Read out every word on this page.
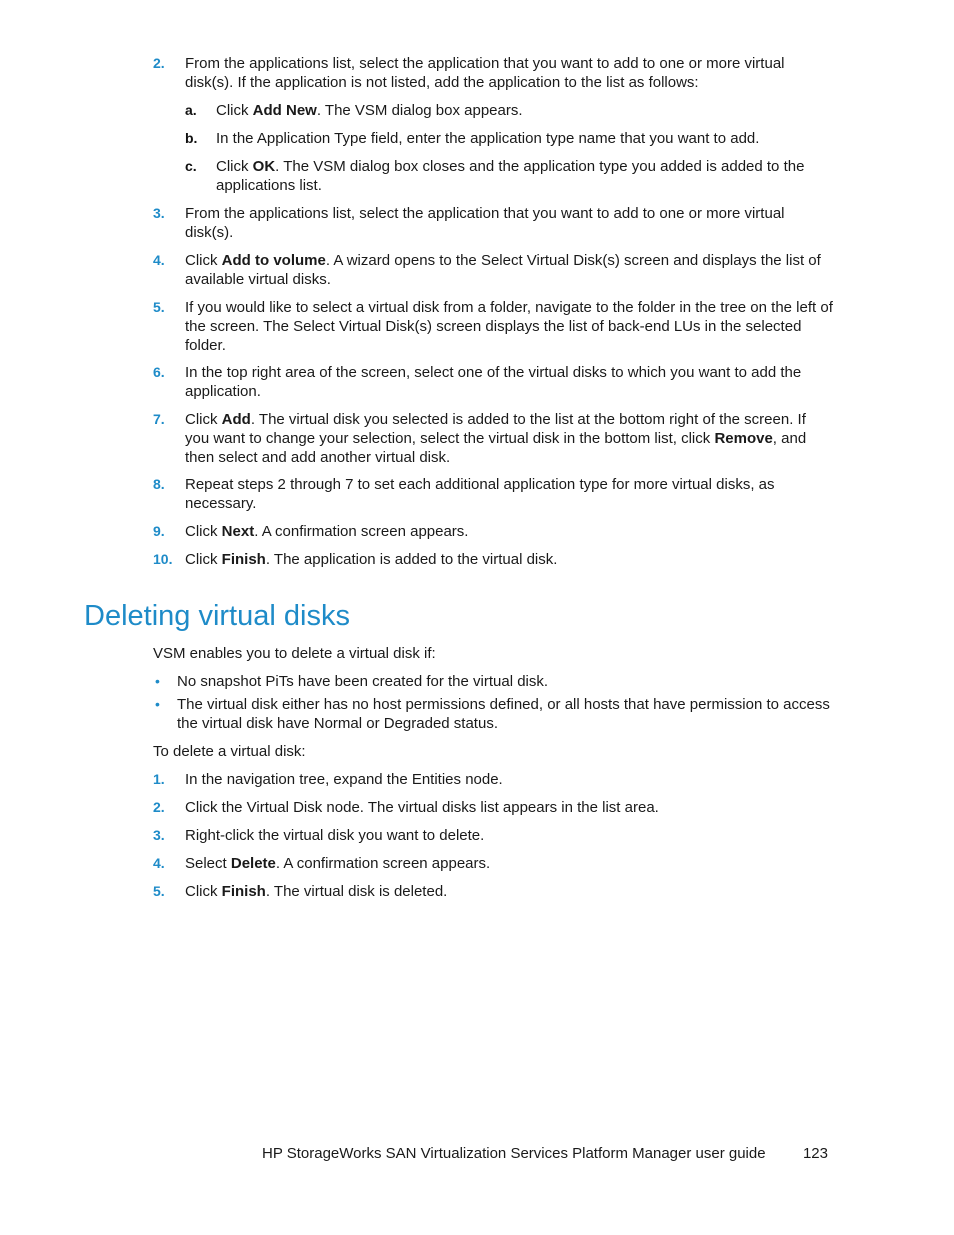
2. From the applications list, select the application that you want to add to one or more virtual disk(s). If the application is not listed, add the application to the list as follows:
a. Click Add New. The VSM dialog box appears.
b. In the Application Type field, enter the application type name that you want to add.
c. Click OK. The VSM dialog box closes and the application type you added is added to the applications list.
3. From the applications list, select the application that you want to add to one or more virtual disk(s).
4. Click Add to volume. A wizard opens to the Select Virtual Disk(s) screen and displays the list of available virtual disks.
5. If you would like to select a virtual disk from a folder, navigate to the folder in the tree on the left of the screen. The Select Virtual Disk(s) screen displays the list of back-end LUs in the selected folder.
6. In the top right area of the screen, select one of the virtual disks to which you want to add the application.
7. Click Add. The virtual disk you selected is added to the list at the bottom right of the screen. If you want to change your selection, select the virtual disk in the bottom list, click Remove, and then select and add another virtual disk.
8. Repeat steps 2 through 7 to set each additional application type for more virtual disks, as necessary.
9. Click Next. A confirmation screen appears.
10. Click Finish. The application is added to the virtual disk.
Deleting virtual disks
VSM enables you to delete a virtual disk if:
• No snapshot PiTs have been created for the virtual disk.
• The virtual disk either has no host permissions defined, or all hosts that have permission to access the virtual disk have Normal or Degraded status.
To delete a virtual disk:
1. In the navigation tree, expand the Entities node.
2. Click the Virtual Disk node. The virtual disks list appears in the list area.
3. Right-click the virtual disk you want to delete.
4. Select Delete. A confirmation screen appears.
5. Click Finish. The virtual disk is deleted.
HP StorageWorks SAN Virtualization Services Platform Manager user guide 123
